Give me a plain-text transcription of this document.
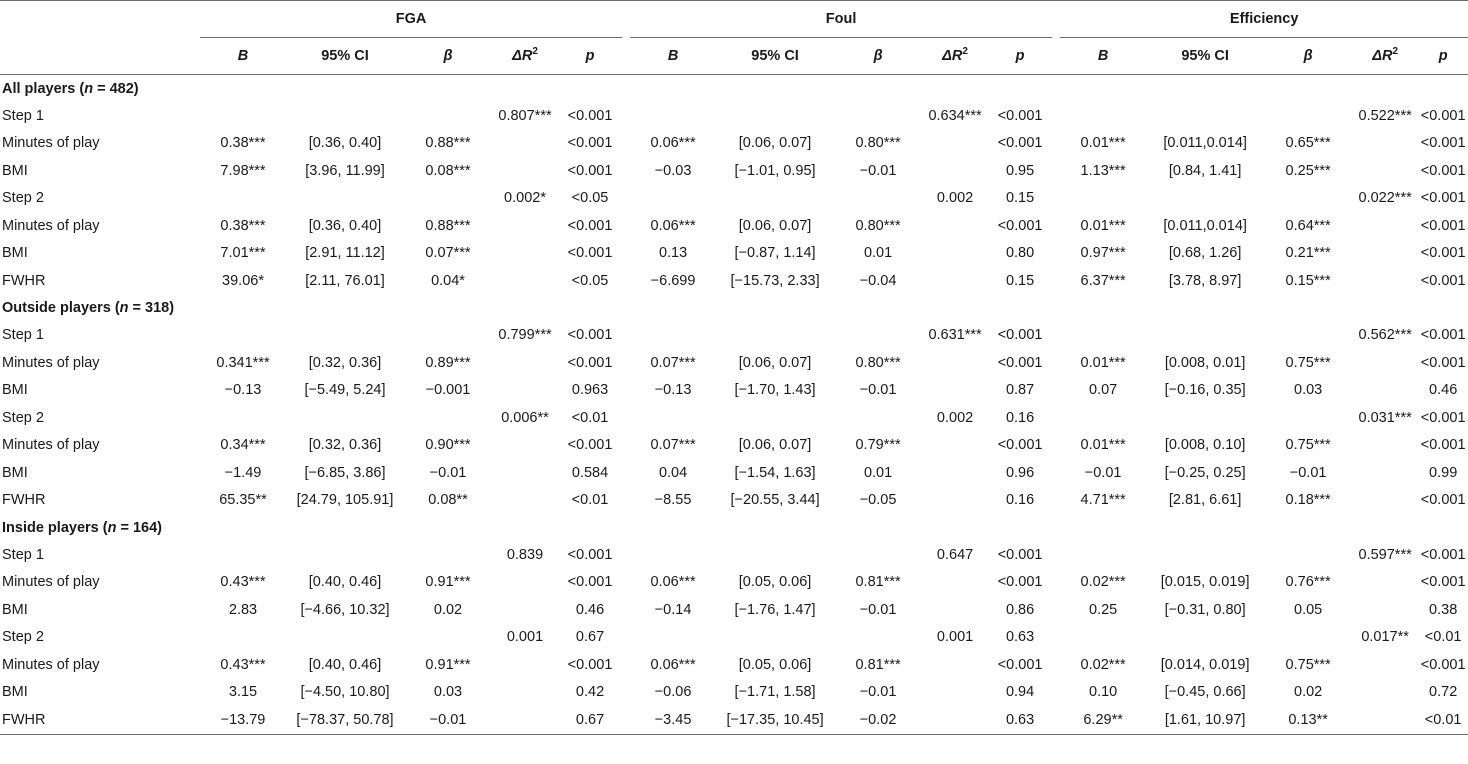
	FGA						Foul						Efficiency				
	B	95% CI	β	$\Delta R^2$	p		B	95% CI	β	$\Delta R^2$	p		B	95% CI	β	$\Delta R^2$	p
All players (n = 482)																	
Step 1				0.807***	<0.001					0.634***	<0.001					0.522***	<0.001
Minutes of play	0.38***	[0.36, 0.40]	0.88***		<0.001		0.06***	[0.06, 0.07]	0.80***		<0.001		0.01***	[0.011,0.014]	0.65***		<0.001
BMI	7.98***	[3.96, 11.99]	0.08***		<0.001		−0.03	[−1.01, 0.95]	−0.01		0.95		1.13***	[0.84, 1.41]	0.25***		<0.001
Step 2				0.002*	<0.05					0.002	0.15					0.022***	<0.001
Minutes of play	0.38***	[0.36, 0.40]	0.88***		<0.001		0.06***	[0.06, 0.07]	0.80***		<0.001		0.01***	[0.011,0.014]	0.64***		<0.001
BMI	7.01***	[2.91, 11.12]	0.07***		<0.001		0.13	[−0.87, 1.14]	0.01		0.80		0.97***	[0.68, 1.26]	0.21***		<0.001
FWHR	39.06*	[2.11, 76.01]	0.04*		<0.05		−6.699	[−15.73, 2.33]	−0.04		0.15		6.37***	[3.78, 8.97]	0.15***		<0.001
Outside players (n = 318)																	
Step 1				0.799***	<0.001					0.631***	<0.001					0.562***	<0.001
Minutes of play	0.341***	[0.32, 0.36]	0.89***		<0.001		0.07***	[0.06, 0.07]	0.80***		<0.001		0.01***	[0.008, 0.01]	0.75***		<0.001
BMI	−0.13	[−5.49, 5.24]	−0.001		0.963		−0.13	[−1.70, 1.43]	−0.01		0.87		0.07	[−0.16, 0.35]	0.03		0.46
Step 2				0.006**	<0.01					0.002	0.16					0.031***	<0.001
Minutes of play	0.34***	[0.32, 0.36]	0.90***		<0.001		0.07***	[0.06, 0.07]	0.79***		<0.001		0.01***	[0.008, 0.10]	0.75***		<0.001
BMI	−1.49	[−6.85, 3.86]	−0.01		0.584		0.04	[−1.54, 1.63]	0.01		0.96		−0.01	[−0.25, 0.25]	−0.01		0.99
FWHR	65.35**	[24.79, 105.91]	0.08**		<0.01		−8.55	[−20.55, 3.44]	−0.05		0.16		4.71***	[2.81, 6.61]	0.18***		<0.001
Inside players (n = 164)																	
Step 1				0.839	<0.001					0.647	<0.001					0.597***	<0.001
Minutes of play	0.43***	[0.40, 0.46]	0.91***		<0.001		0.06***	[0.05, 0.06]	0.81***		<0.001		0.02***	[0.015, 0.019]	0.76***		<0.001
BMI	2.83	[−4.66, 10.32]	0.02		0.46		−0.14	[−1.76, 1.47]	−0.01		0.86		0.25	[−0.31, 0.80]	0.05		0.38
Step 2				0.001	0.67					0.001	0.63					0.017**	<0.01
Minutes of play	0.43***	[0.40, 0.46]	0.91***		<0.001		0.06***	[0.05, 0.06]	0.81***		<0.001		0.02***	[0.014, 0.019]	0.75***		<0.001
BMI	3.15	[−4.50, 10.80]	0.03		0.42		−0.06	[−1.71, 1.58]	−0.01		0.94		0.10	[−0.45, 0.66]	0.02		0.72
FWHR	−13.79	[−78.37, 50.78]	−0.01		0.67		−3.45	[−17.35, 10.45]	−0.02		0.63		6.29**	[1.61, 10.97]	0.13**		<0.01
